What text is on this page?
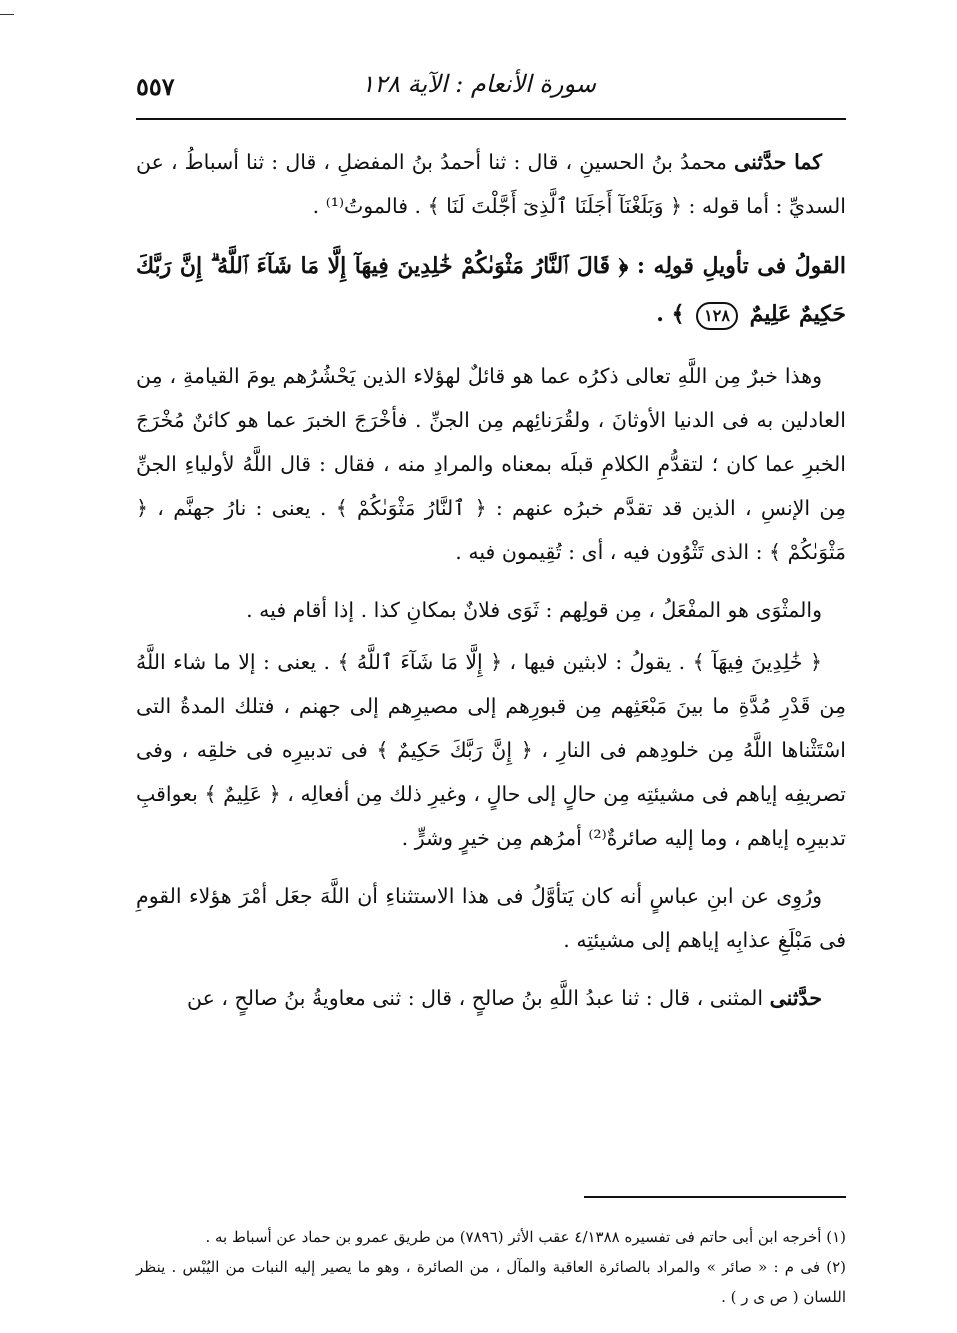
سورة الأنعام : الآية ١٢٨
٥٥٧

كما حدَّثنى محمدُ بنُ الحسينِ ، قال : ثنا أحمدُ بنُ المفضلِ ، قال : ثنا أسباطُ ، عن السديِّ : أما قوله : ﴿ وَبَلَغْنَآ أَجَلَنَا ٱلَّذِىٓ أَجَّلْتَ لَنَا ﴾ . فالموتُ⁽¹⁾ .

القولُ فى تأويلِ قولِه : ﴿ قَالَ ٱلنَّارُ مَثْوَىٰكُمْ خَٰلِدِينَ فِيهَآ إِلَّا مَا شَآءَ ٱللَّهُ ۗ إِنَّ رَبَّكَ حَكِيمٌ عَلِيمٌ ١٢٨ ﴾ .

وهذا خبرٌ مِن اللَّهِ تعالى ذكرُه عما هو قائلٌ لهؤلاء الذين يَحْشُرُهم يومَ القيامةِ ، مِن العادلين به فى الدنيا الأوثانَ ، ولقُرَنائِهم مِن الجنِّ . فأخْرَجَ الخبرَ عما هو كائنٌ مُخْرَجَ الخبرِ عما كان ؛ لتقدُّمِ الكلامِ قبلَه بمعناه والمرادِ منه ، فقال : قال اللَّهُ لأولياءِ الجنِّ مِن الإنسِ ، الذين قد تقدَّم خبرُه عنهم : ﴿ ٱلنَّارُ مَثْوَىٰكُمْ ﴾ . يعنى : نارُ جهنَّم ، ﴿ مَثْوَىٰكُمْ ﴾ : الذى تَثْوُون فيه ، أى : تُقِيمون فيه .

والمثْوَى هو المفْعَلُ ، مِن قولِهم : ثَوَى فلانٌ بمكانِ كذا . إذا أقام فيه .

﴿ خَٰلِدِينَ فِيهَآ ﴾ . يقولُ : لابثين فيها ، ﴿ إِلَّا مَا شَآءَ ٱللَّهُ ﴾ . يعنى : إلا ما شاء اللَّهُ مِن قَدْرِ مُدَّةِ ما بينَ مَبْعَثِهم مِن قبورِهم إلى مصيرِهم إلى جهنم ، فتلك المدةُ التى اسْتَثْناها اللَّهُ مِن خلودِهم فى النارِ ، ﴿ إِنَّ رَبَّكَ حَكِيمٌ ﴾ فى تدبيرِه فى خلقِه ، وفى تصريفِه إياهم فى مشيئتِه مِن حالٍ إلى حالٍ ، وغيرِ ذلك مِن أفعالِه ، ﴿ عَلِيمٌ ﴾ بعواقبِ تدبيرِه إياهم ، وما إليه صائرةٌ⁽²⁾ أمرُهم مِن خيرٍ وشرٍّ .

ورُوِى عن ابنِ عباسٍ أنه كان يَتأوَّلُ فى هذا الاستثناءِ أن اللَّهَ جعَل أمْرَ هؤلاء القومِ فى مَبْلَغِ عذابِه إياهم إلى مشيئتِه .

حدَّثنى المثنى ، قال : ثنا عبدُ اللَّهِ بنُ صالحٍ ، قال : ثنى معاويةُ بنُ صالحٍ ، عن

(١) أخرجه ابن أبى حاتم فى تفسيره ٤/١٣٨٨ عقب الأثر (٧٨٩٦) من طريق عمرو بن حماد عن أسباط به .

(٢) فى م : « صائر » والمراد بالصائرة العاقبة والمآل ، من الصائرة ، وهو ما يصير إليه النبات من اليُبْس . ينظر اللسان ( ص ى ر ) .
